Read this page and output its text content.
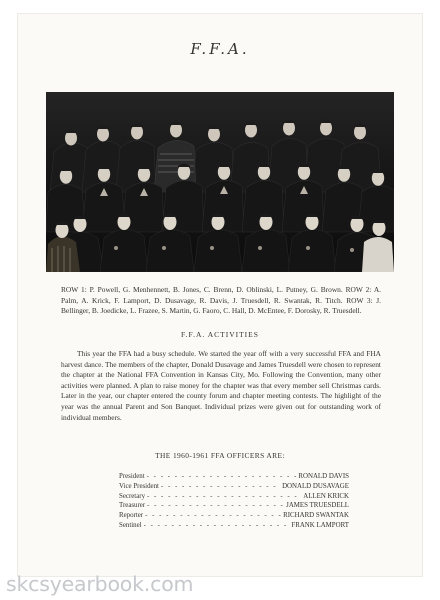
F.F.A.
ROW 1: P. Powell, G. Menhennett, B. Jones, C. Brenn, D. Oblinski, L. Putney, G. Brown. ROW 2: A. Palm, A. Krick, F. Lamport, D. Dusavage, R. Davis, J. Truesdell, R. Swantak, R. Titch. ROW 3: J. Bellinger, B. Joedicke, L. Frazee, S. Martin, G. Faoro, C. Hall, D. McEntee, F. Dorosky, R. Truesdell.
F.F.A. ACTIVITIES
This year the FFA had a busy schedule. We started the year off with a very successful FFA and FHA harvest dance. The members of the chapter, Donald Dusavage and James Truesdell were chosen to represent the chapter at the National FFA Convention in Kansas City, Mo. Following the Convention, many other activities were planned. A plan to raise money for the chapter was that every member sell Christmas cards. Later in the year, our chapter entered the county forum and chapter meeting contests. The highlight of the year was the annual Parent and Son Banquet. Individual prizes were given out for outstanding work of individual members.
THE 1960-1961 FFA OFFICERS ARE:
President - - -	RONALD DAVIS
Vice President - - -	DONALD DUSAVAGE
Secretary - - -	ALLEN KRICK
Treasurer - - -	JAMES TRUESDELL
Reporter - - -	RICHARD SWANTAK
Sentinel - - -	FRANK LAMPORT
skcsyearbook.com
